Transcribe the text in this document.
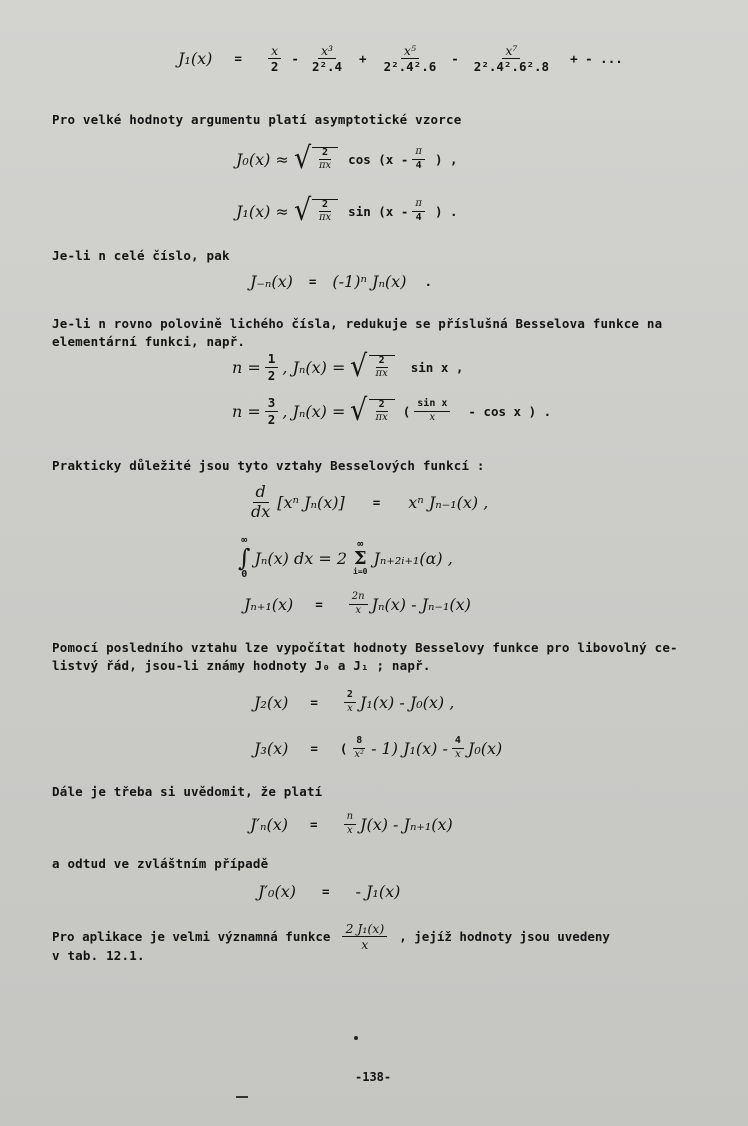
$J_1(x) = \frac{x}{2} - \frac{\text{x³}}{\text{2².4}} + \frac{\text{x⁵}}{\text{2².4².6}} - \frac{\text{x⁷}}{\text{2².4².6².8}}$ + - ...
Pro velké hodnoty argumentu platí asymptotické vzorce
J₀(x) ≈ √ $\frac{2}{\pi x}$ $\cos (x - \frac{\pi}{4}$ ) ,
J₁(x) ≈ √ $\frac{2}{\pi x}$ $\sin (x - \frac{\pi}{4}$ ) .
Je-li n celé číslo, pak
J₋ₙ(x) = (-1)ⁿ Jₙ(x) .
Je-li n rovno polovině lichého čísla, redukuje se příslušná Besselova funkce na
elementární funkci, např.
$n = \frac{1}{2}$ , Jₙ(x) = √ $\frac{2}{\pi x}$ sin x ,
$n = \frac{3}{2}$ , Jₙ(x) = √ $\frac{2}{\pi x}$ ( $\frac{\text{sin x}}{x}$ - cos x ) .
Prakticky důležité jsou tyto vztahy Besselových funkcí :
$\frac{d}{dx} [x^n$ Jₙ(x)] = xⁿ Jₙ₋₁(x) ,
∞
∫
0
Jₙ(x) dx = 2
∞
Σ
i=0
Jₙ₊₂ᵢ₊₁(α) ,
Jₙ₊₁(x) =	$\frac{2n}{x} J_n(x) - J_{n-1}(x)$
Pomocí posledního vztahu lze vypočítat hodnoty Besselovy funkce pro libovolný ce-
listvý řád, jsou-li známy hodnoty J₀ a J₁ ; např.
J₂(x) =	$\frac{2}{x} J_1(x) - J_0(x)$ ,
J₃(x) = ( $\frac{8}{\text{x²}} - 1$) $J_1(x) - \frac{4}{x} J_0(x)$
Dále je třeba si uvědomit, že platí
J′ₙ(x) =	$\frac{n}{x} J(x) - J_{n+1}(x)$
a odtud ve zvláštním případě
J′₀(x) = - J₁(x)
Pro aplikace je velmi významná funkce $\frac{\text{2 J₁(x)}}{x}$ , jejíž hodnoty jsou uvedeny
v tab. 12.1.
-138-
